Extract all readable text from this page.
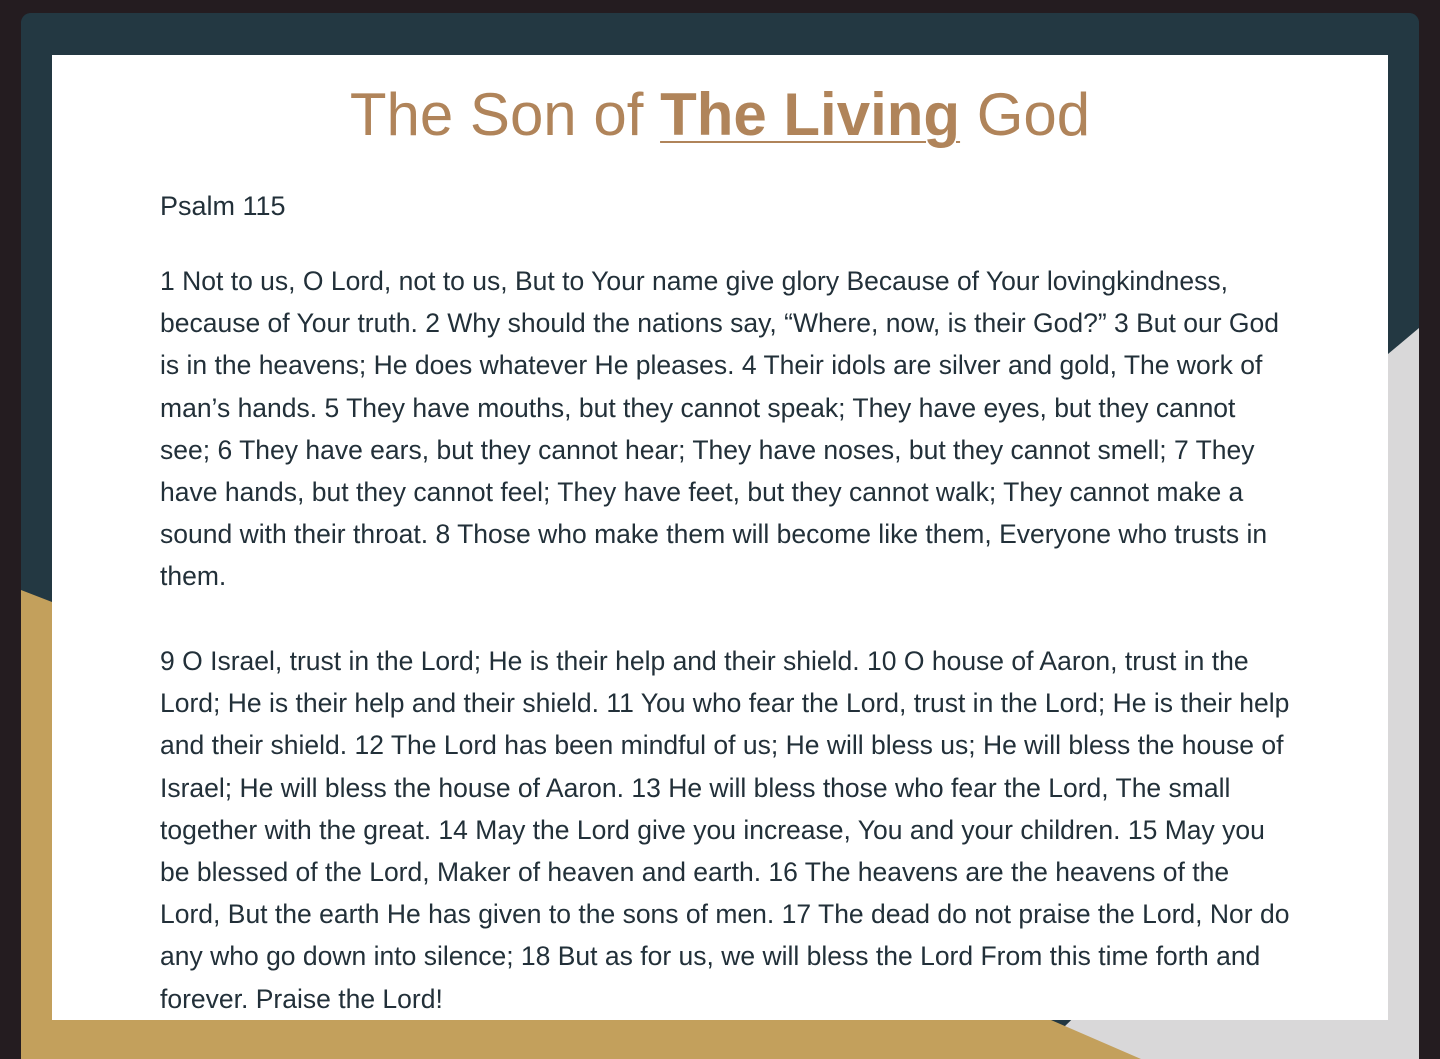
The Son of The Living God
Psalm 115

1 Not to us, O Lord, not to us, But to Your name give glory Because of Your lovingkindness, because of Your truth. 2 Why should the nations say, “Where, now, is their God?” 3 But our God is in the heavens; He does whatever He pleases. 4 Their idols are silver and gold, The work of man’s hands. 5 They have mouths, but they cannot speak; They have eyes, but they cannot see; 6 They have ears, but they cannot hear; They have noses, but they cannot smell; 7 They have hands, but they cannot feel; They have feet, but they cannot walk; They cannot make a sound with their throat. 8 Those who make them will become like them, Everyone who trusts in them.

9 O Israel, trust in the Lord; He is their help and their shield. 10 O house of Aaron, trust in the Lord; He is their help and their shield. 11 You who fear the Lord, trust in the Lord; He is their help and their shield. 12 The Lord has been mindful of us; He will bless us; He will bless the house of Israel; He will bless the house of Aaron. 13 He will bless those who fear the Lord, The small together with the great. 14 May the Lord give you increase, You and your children. 15 May you be blessed of the Lord, Maker of heaven and earth. 16 The heavens are the heavens of the Lord, But the earth He has given to the sons of men. 17 The dead do not praise the Lord, Nor do any who go down into silence; 18 But as for us, we will bless the Lord From this time forth and forever. Praise the Lord!
